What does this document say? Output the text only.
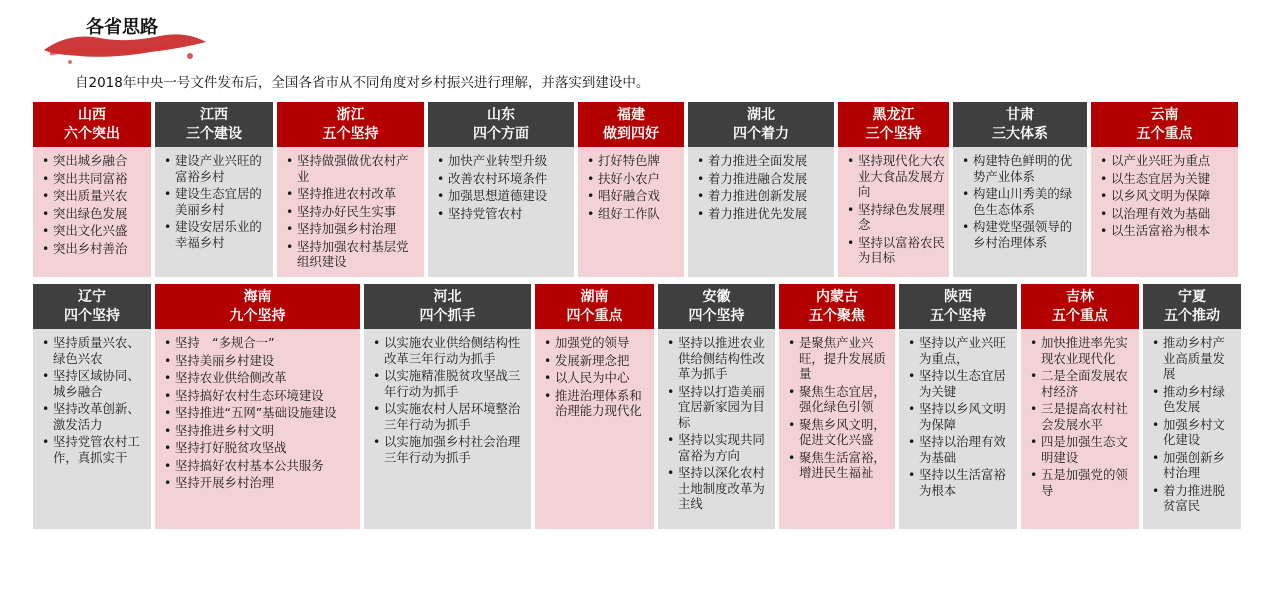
各省思路
自2018年中央一号文件发布后，全国各省市从不同角度对乡村振兴进行理解，并落实到建设中。
山西
六个突出
• 突出城乡融合
• 突出共同富裕
• 突出质量兴农
• 突出绿色发展
• 突出文化兴盛
• 突出乡村善治
江西
三个建设
• 建设产业兴旺的富裕乡村
• 建设生态宜居的美丽乡村
• 建设安居乐业的幸福乡村
浙江
五个坚持
• 坚持做强做优农村产业
• 坚持推进农村改革
• 坚持办好民生实事
• 坚持加强乡村治理
• 坚持加强农村基层党组织建设
山东
四个方面
• 加快产业转型升级
• 改善农村环境条件
• 加强思想道德建设
• 坚持党管农村
福建
做到四好
• 打好特色牌
• 扶好小农户
• 唱好融合戏
• 组好工作队
湖北
四个着力
• 着力推进全面发展
• 着力推进融合发展
• 着力推进创新发展
• 着力推进优先发展
黑龙江
三个坚持
• 坚持现代化大农业大食品发展方向
• 坚持绿色发展理念
• 坚持以富裕农民为目标
甘肃
三大体系
• 构建特色鲜明的优势产业体系
• 构建山川秀美的绿色生态体系
• 构建党坚强领导的乡村治理体系
云南
五个重点
• 以产业兴旺为重点
• 以生态宜居为关键
• 以乡风文明为保障
• 以治理有效为基础
• 以生活富裕为根本
辽宁
四个坚持
• 坚持质量兴农、绿色兴农
• 坚持区域协同、城乡融合
• 坚持改革创新、激发活力
• 坚持党管农村工作，真抓实干
海南
九个坚持
• 坚持　“多规合一”
• 坚持美丽乡村建设
• 坚持农业供给侧改革
• 坚持搞好农村生态环境建设
• 坚持推进“五网”基础设施建设
• 坚持推进乡村文明
• 坚持打好脱贫攻坚战
• 坚持搞好农村基本公共服务
• 坚持开展乡村治理
河北
四个抓手
• 以实施农业供给侧结构性改革三年行动为抓手
• 以实施精准脱贫攻坚战三年行动为抓手
• 以实施农村人居环境整治三年行动为抓手
• 以实施加强乡村社会治理三年行动为抓手
湖南
四个重点
• 加强党的领导
• 发展新理念把
• 以人民为中心
• 推进治理体系和治理能力现代化
安徽
四个坚持
• 坚持以推进农业供给侧结构性改革为抓手
• 坚持以打造美丽宜居新家园为目标
• 坚持以实现共同富裕为方向
• 坚持以深化农村土地制度改革为主线
内蒙古
五个聚焦
• 是聚焦产业兴旺，提升发展质量
• 聚焦生态宜居，强化绿色引领
• 聚焦乡风文明，促进文化兴盛
• 聚焦生活富裕，增进民生福祉
陕西
五个坚持
• 坚持以产业兴旺为重点，
• 坚持以生态宜居为关键
• 坚持以乡风文明为保障
• 坚持以治理有效为基础
• 坚持以生活富裕为根本
吉林
五个重点
• 加快推进率先实现农业现代化
• 二是全面发展农村经济
• 三是提高农村社会发展水平
• 四是加强生态文明建设
• 五是加强党的领导
宁夏
五个推动
• 推动乡村产业高质量发展
• 推动乡村绿色发展
• 加强乡村文化建设
• 加强创新乡村治理
• 着力推进脱贫富民
